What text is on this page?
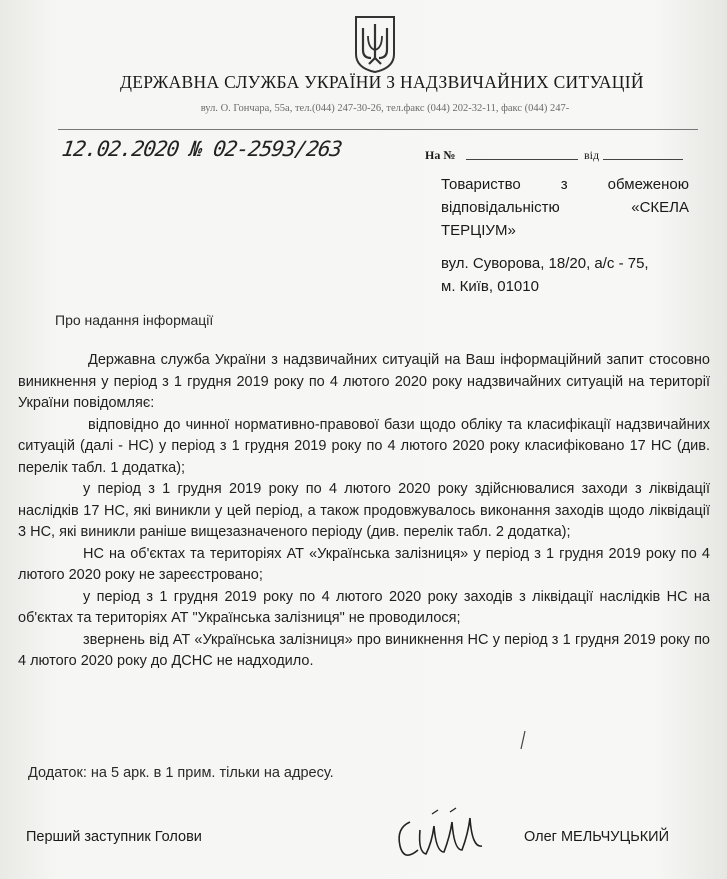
ДЕРЖАВНА СЛУЖБА УКРАЇНИ З НАДЗВИЧАЙНИХ СИТУАЦІЙ
вул. О. Гончара, 55а, тел.(044) 247-30-26, тел.факс (044) 202-32-11, факс (044) 247-
12.02.2020 № 02-2593/263	На №	від
Товариство з обмеженою відповідальністю «СКЕЛА ТЕРЦІУМ»
вул. Суворова, 18/20, а/с - 75,
м. Київ, 01010
Про надання інформації

Державна служба України з надзвичайних ситуацій на Ваш інформаційний запит стосовно виникнення у період з 1 грудня 2019 року по 4 лютого 2020 року надзвичайних ситуацій на території України повідомляє:

відповідно до чинної нормативно-правової бази щодо обліку та класифікації надзвичайних ситуацій (далі - НС) у період з 1 грудня 2019 року по 4 лютого 2020 року класифіковано 17 НС (див. перелік табл. 1 додатка);

у період з 1 грудня 2019 року по 4 лютого 2020 року здійснювалися заходи з ліквідації наслідків 17 НС, які виникли у цей період, а також продовжувалось виконання заходів щодо ліквідації 3 НС, які виникли раніше вищезазначеного періоду (див. перелік табл. 2 додатка);

НС на об'єктах та територіях АТ «Українська залізниця» у період з 1 грудня 2019 року по 4 лютого 2020 року не зареєстровано;

у період з 1 грудня 2019 року по 4 лютого 2020 року заходів з ліквідації наслідків НС на об'єктах та територіях АТ "Українська залізниця" не проводилося;

звернень від АТ «Українська залізниця» про виникнення НС у період з 1 грудня 2019 року по 4 лютого 2020 року до ДСНС не надходило.

Додаток: на 5 арк. в 1 прим. тільки на адресу.
Перший заступник Голови	Олег МЕЛЬЧУЦЬКИЙ
